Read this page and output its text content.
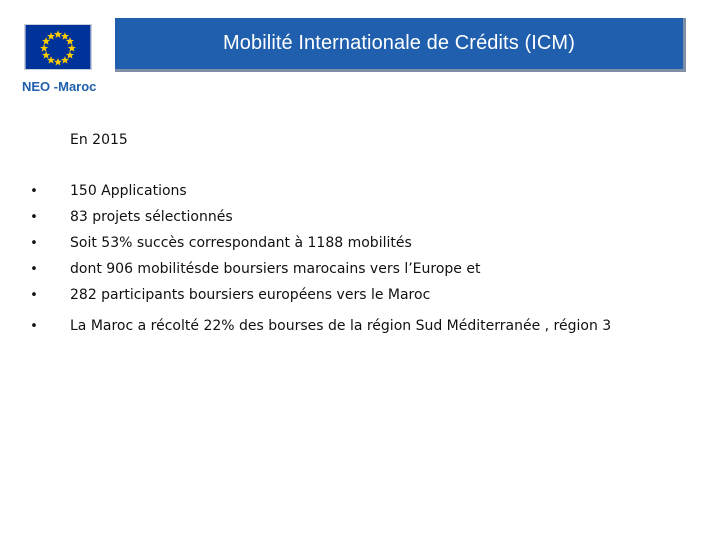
Mobilité Internationale de Crédits (ICM)
NEO -Maroc
En 2015
• 150 Applications
• 83 projets sélectionnés
• Soit 53% succès correspondant à 1188 mobilités
• dont 906 mobilitésde boursiers marocains vers l’Europe et
• 282 participants boursiers européens vers le Maroc
• La Maroc a récolté 22% des bourses de la région Sud Méditerranée , région 3
